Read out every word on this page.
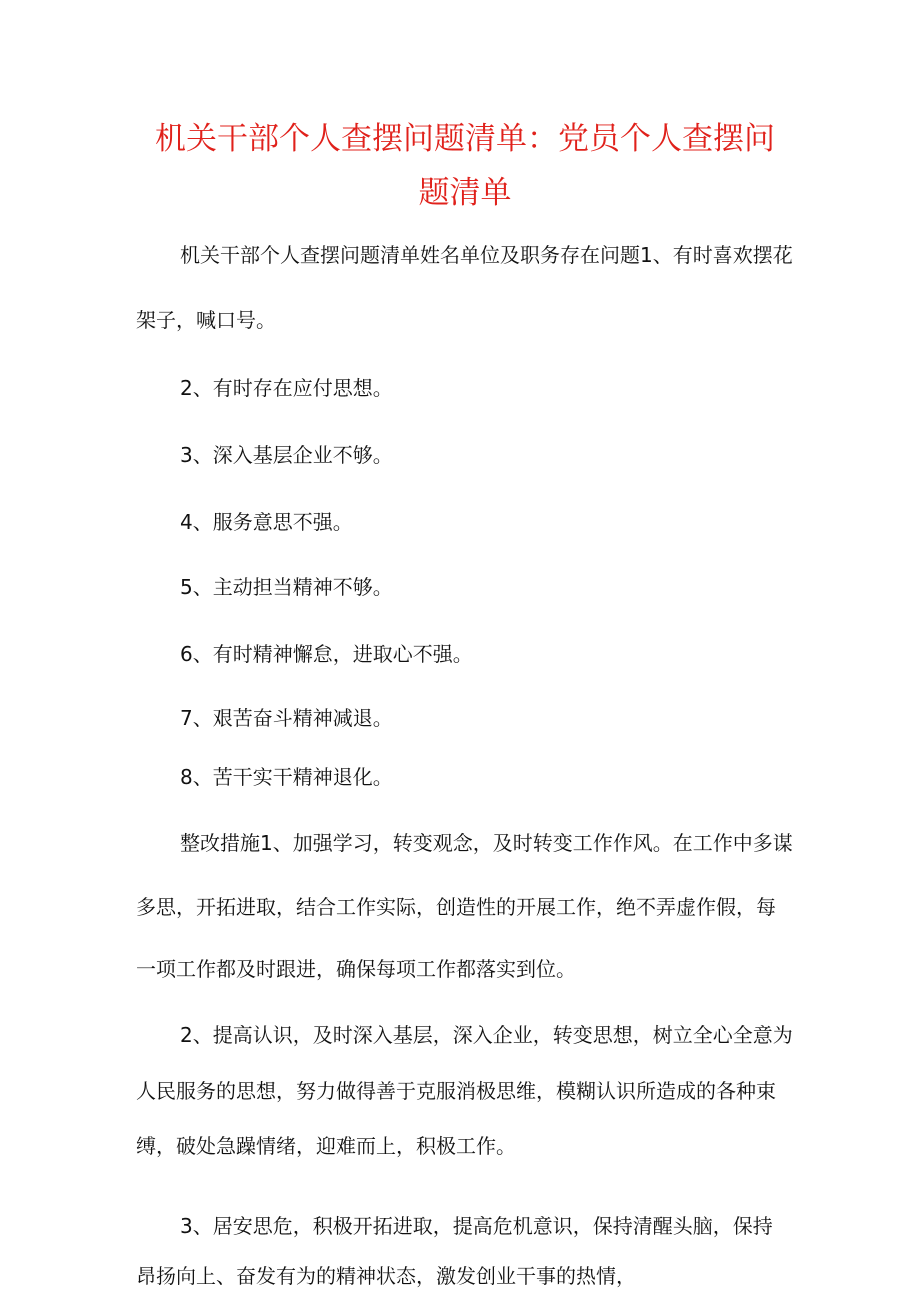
机关干部个人查摆问题清单：党员个人查摆问
题清单
机关干部个人查摆问题清单姓名单位及职务存在问题1、有时喜欢摆花
架子，喊口号。
2、有时存在应付思想。
3、深入基层企业不够。
4、服务意思不强。
5、主动担当精神不够。
6、有时精神懈怠，进取心不强。
7、艰苦奋斗精神减退。
8、苦干实干精神退化。
整改措施1、加强学习，转变观念，及时转变工作作风。在工作中多谋
多思，开拓进取，结合工作实际，创造性的开展工作，绝不弄虚作假，每
一项工作都及时跟进，确保每项工作都落实到位。
2、提高认识，及时深入基层，深入企业，转变思想，树立全心全意为
人民服务的思想，努力做得善于克服消极思维，模糊认识所造成的各种束
缚，破处急躁情绪，迎难而上，积极工作。
3、居安思危，积极开拓进取，提高危机意识，保持清醒头脑，保持
昂扬向上、奋发有为的精神状态，激发创业干事的热情，
